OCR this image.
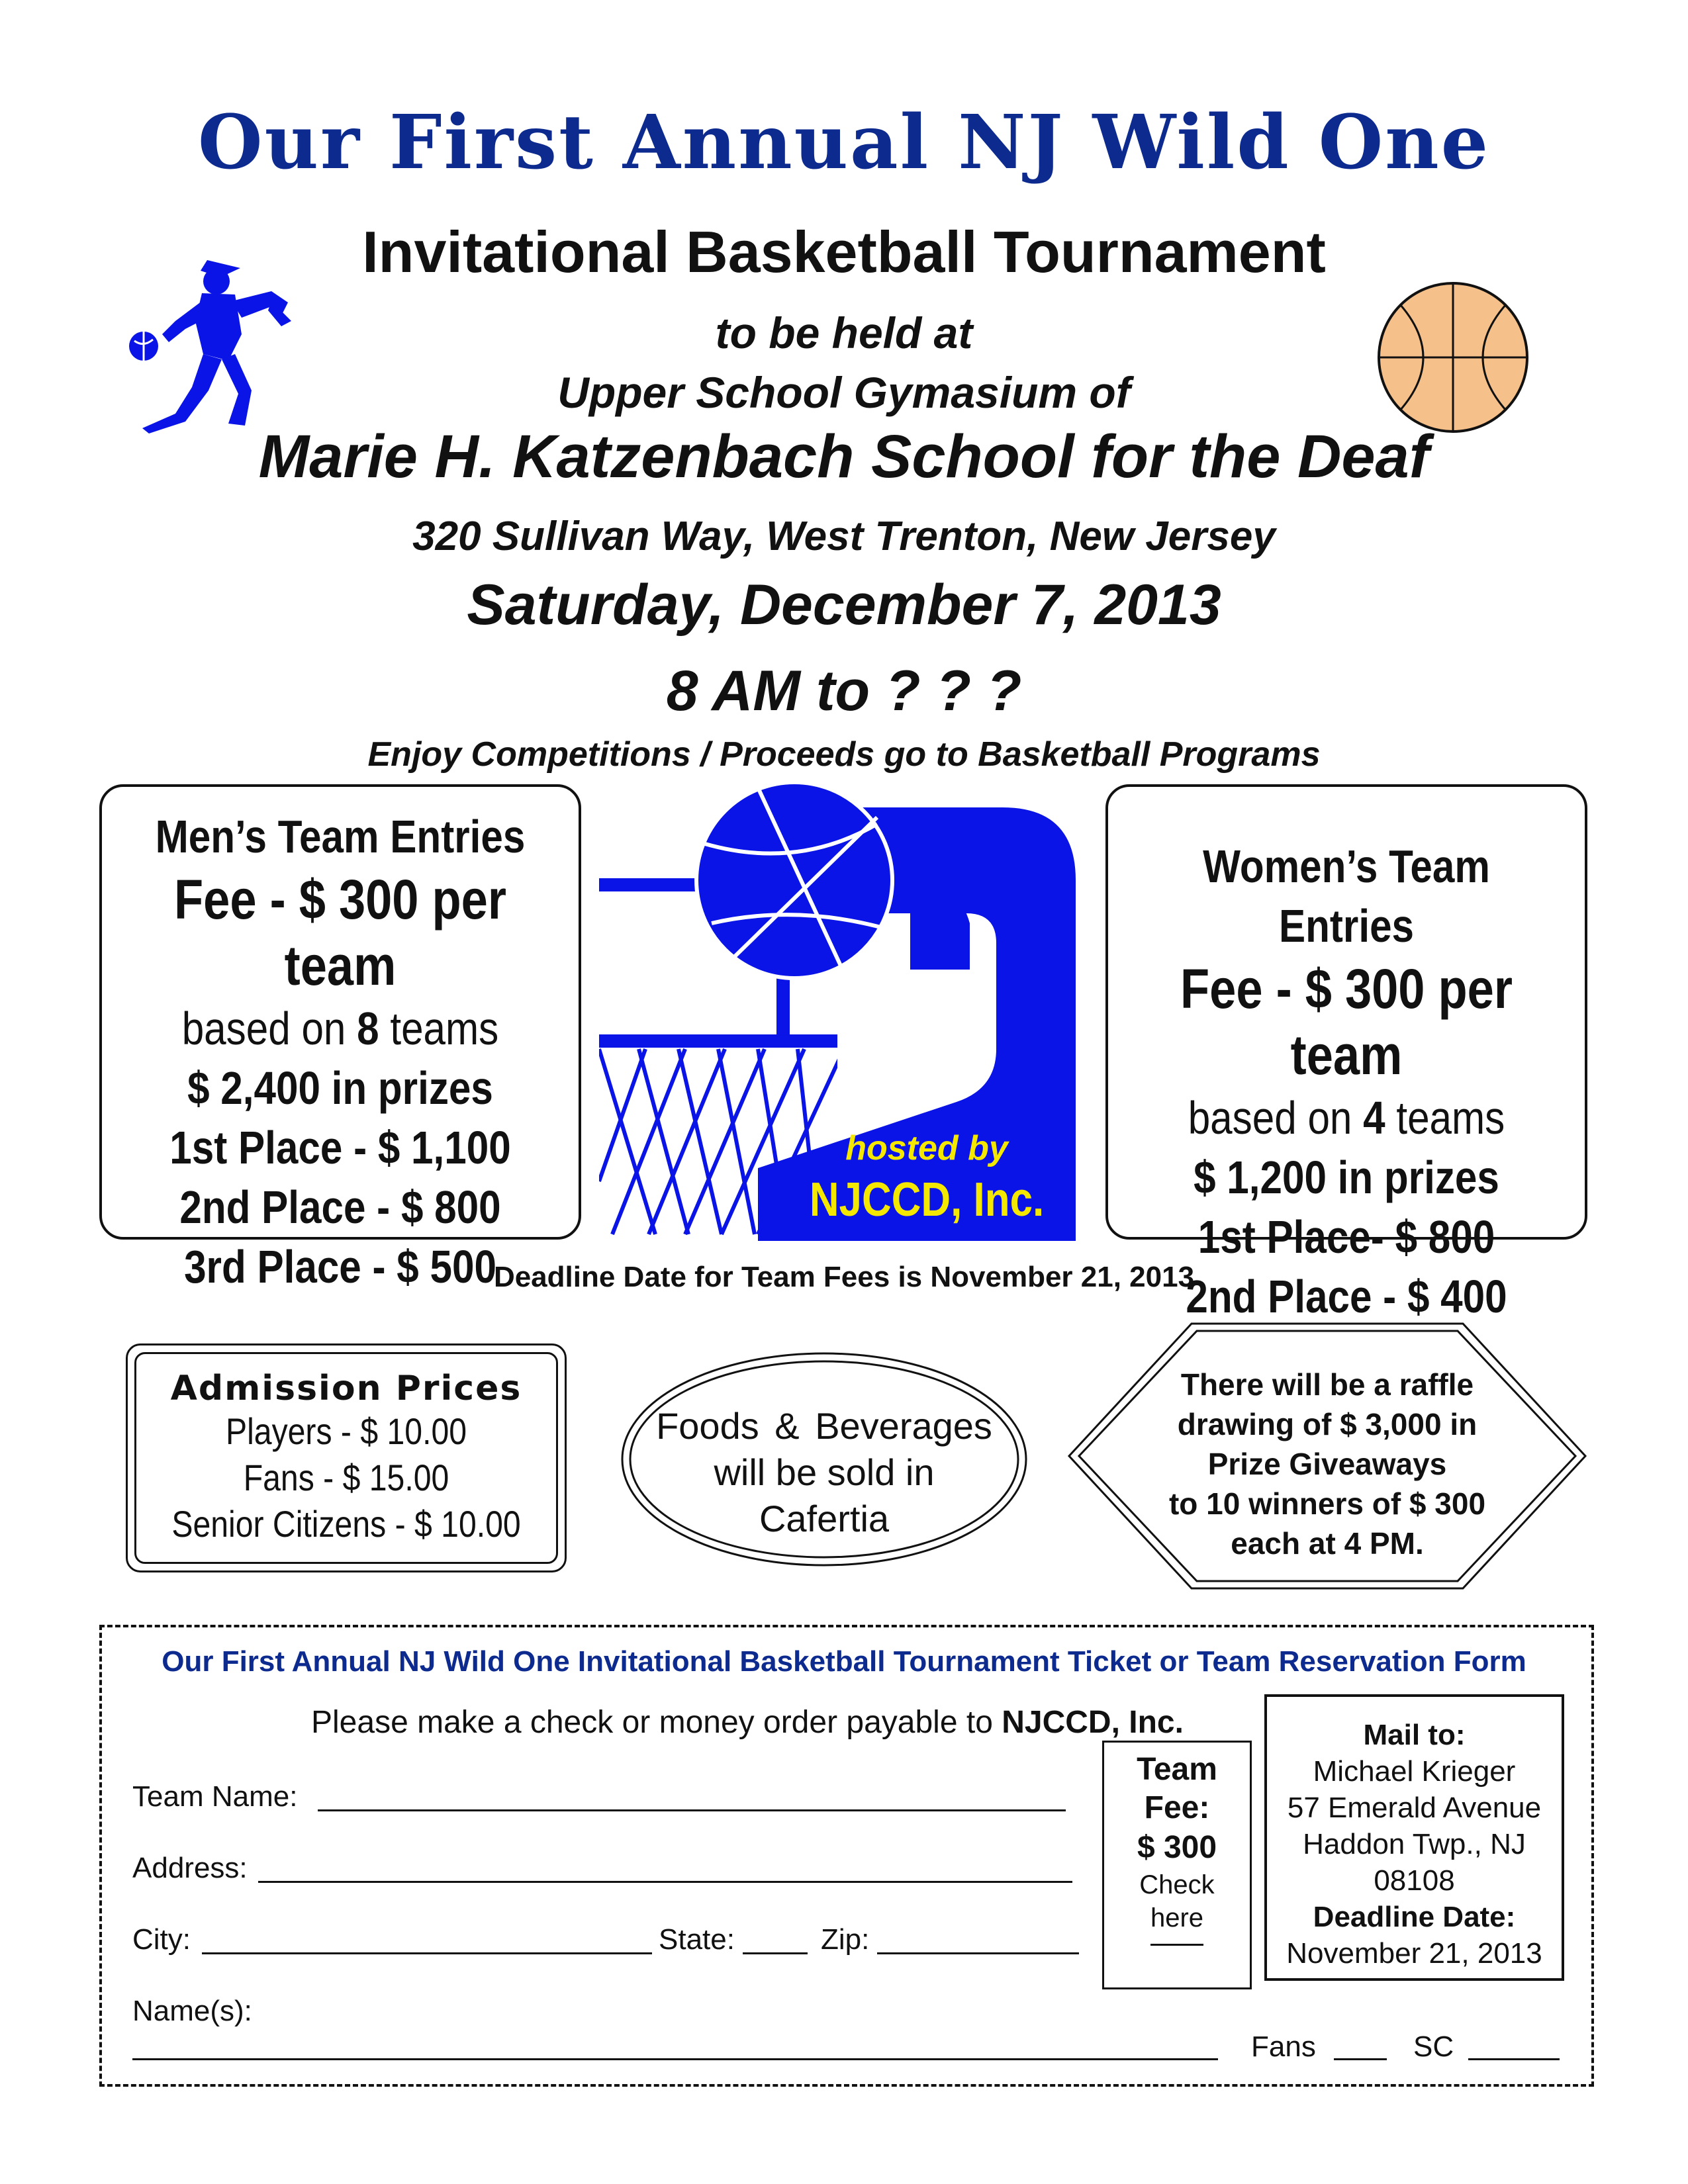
Our First Annual NJ Wild One
Invitational Basketball Tournament
to be held at
Upper School Gymasium of
Marie H. Katzenbach School for the Deaf
320 Sullivan Way, West Trenton, New Jersey
Saturday, December 7, 2013
8 AM to ? ? ?
Enjoy Competitions / Proceeds go to Basketball Programs
Men’s Team Entries
Fee - $ 300 per team
based on 8 teams
$ 2,400 in prizes
1st Place - $ 1,100
2nd Place - $ 800
3rd Place - $ 500
hosted by
NJCCD, Inc.
Women’s Team Entries
Fee - $ 300 per team
based on 4 teams
$ 1,200 in prizes
1st Place- $ 800
2nd Place - $ 400
Deadline Date for Team Fees is November 21, 2013
Admission Prices
Players - $ 10.00
Fans - $ 15.00
Senior Citizens - $ 10.00
Foods & Beverages
will be sold in
Cafertia
There will be a raffle
drawing of $ 3,000 in
Prize Giveaways
to 10 winners of $ 300
each at 4 PM.
Our First Annual NJ Wild One Invitational Basketball Tournament Ticket or Team Reservation Form
Please make a check or money order payable to NJCCD, Inc.
Team Name:
Address:
City:	State:	Zip:
Name(s):
Fans	SC
Team
Fee:
$ 300
Check
here
Mail to:
Michael Krieger
57 Emerald Avenue
Haddon Twp., NJ
08108
Deadline Date:
November 21, 2013
